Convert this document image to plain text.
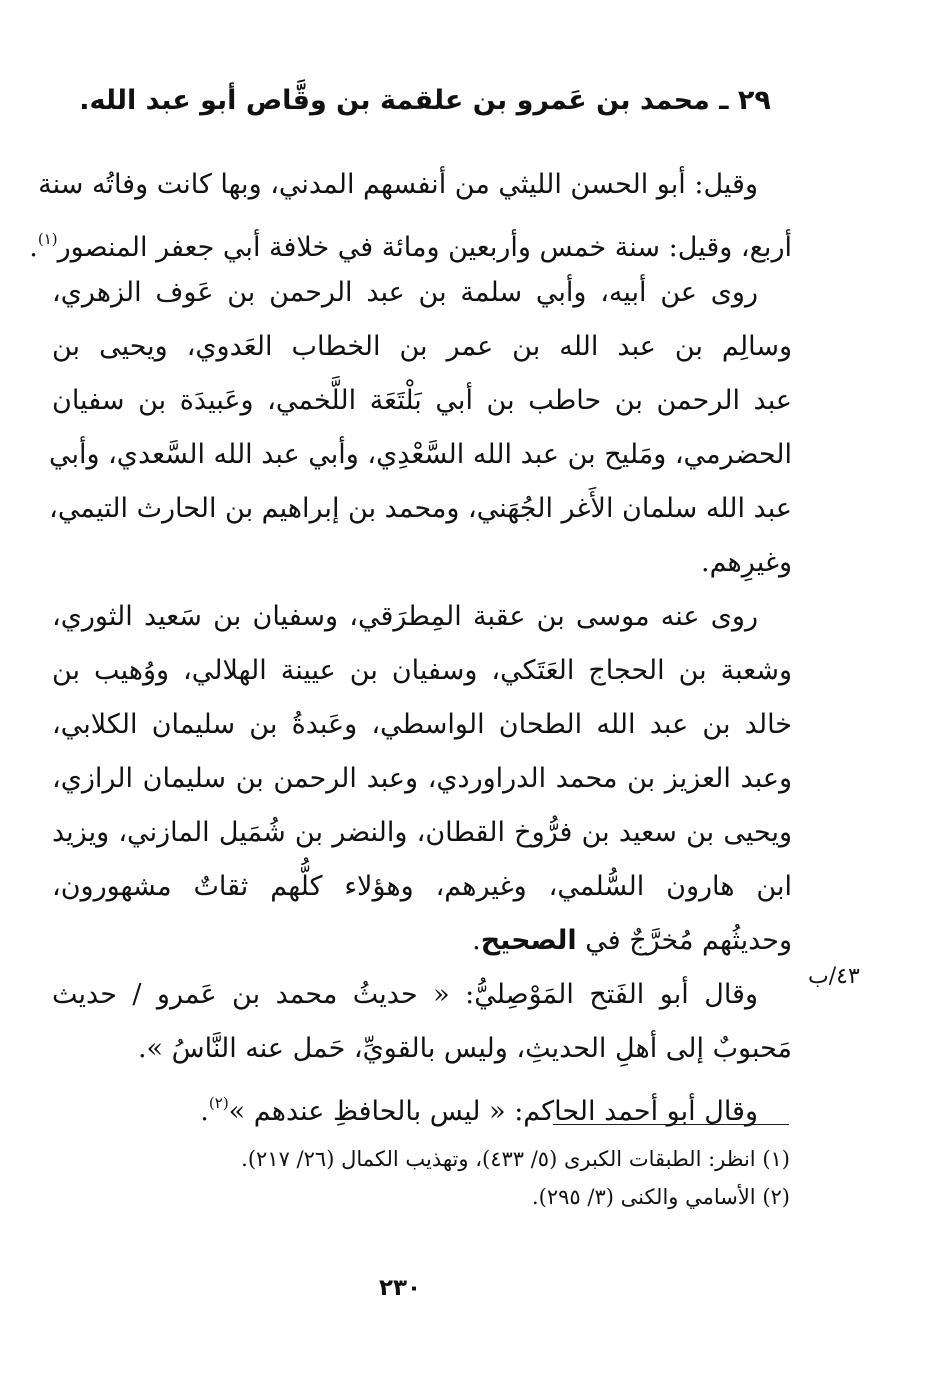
٢٩ ـ محمد بن عَمرو بن علقمة بن وقَّاص أبو عبد الله.
وقيل: أبو الحسن الليثي من أنفسهم المدني، وبها كانت وفاتُه سنة
أربع، وقيل: سنة خمس وأربعين ومائة في خلافة أبي جعفر المنصور$^{(١)}$.
روى عن أبيه، وأبي سلمة بن عبد الرحمن بن عَوف الزهري،
وسالِم بن عبد الله بن عمر بن الخطاب العَدوي، ويحيى بن
عبد الرحمن بن حاطب بن أبي بَلْتَعَة اللَّخمي، وعَبيدَة بن سفيان
الحضرمي، ومَليح بن عبد الله السَّعْدِي، وأبي عبد الله السَّعدي، وأبي
عبد الله سلمان الأَغر الجُهَني، ومحمد بن إبراهيم بن الحارث التيمي،
وغيرِهم.
روى عنه موسى بن عقبة المِطرَقي، وسفيان بن سَعيد الثوري،
وشعبة بن الحجاج العَتَكي، وسفيان بن عيينة الهلالي، ووُهيب بن
خالد بن عبد الله الطحان الواسطي، وعَبدةُ بن سليمان الكلابي،
وعبد العزيز بن محمد الدراوردي، وعبد الرحمن بن سليمان الرازي،
ويحيى بن سعيد بن فرُّوخ القطان، والنضر بن شُمَيل المازني، ويزيد
ابن هارون السُّلمي، وغيرهم، وهؤلاء كلُّهم ثقاتٌ مشهورون،
وحديثُهم مُخرَّجٌ في الصحيح.
وقال أبو الفَتح المَوْصِليُّ: « حديثُ محمد بن عَمرو / حديث
مَحبوبٌ إلى أهلِ الحديثِ، وليس بالقويِّ، حَمل عنه النَّاسُ ».
وقال أبو أحمد الحاكم: « ليس بالحافظِ عندهم »$^{(٢)}$.
٤٣/ب
(١) انظر: الطبقات الكبرى (٥/ ٤٣٣)، وتهذيب الكمال (٢٦/ ٢١٧).
(٢) الأسامي والكنى (٣/ ٢٩٥).
٢٣٠
